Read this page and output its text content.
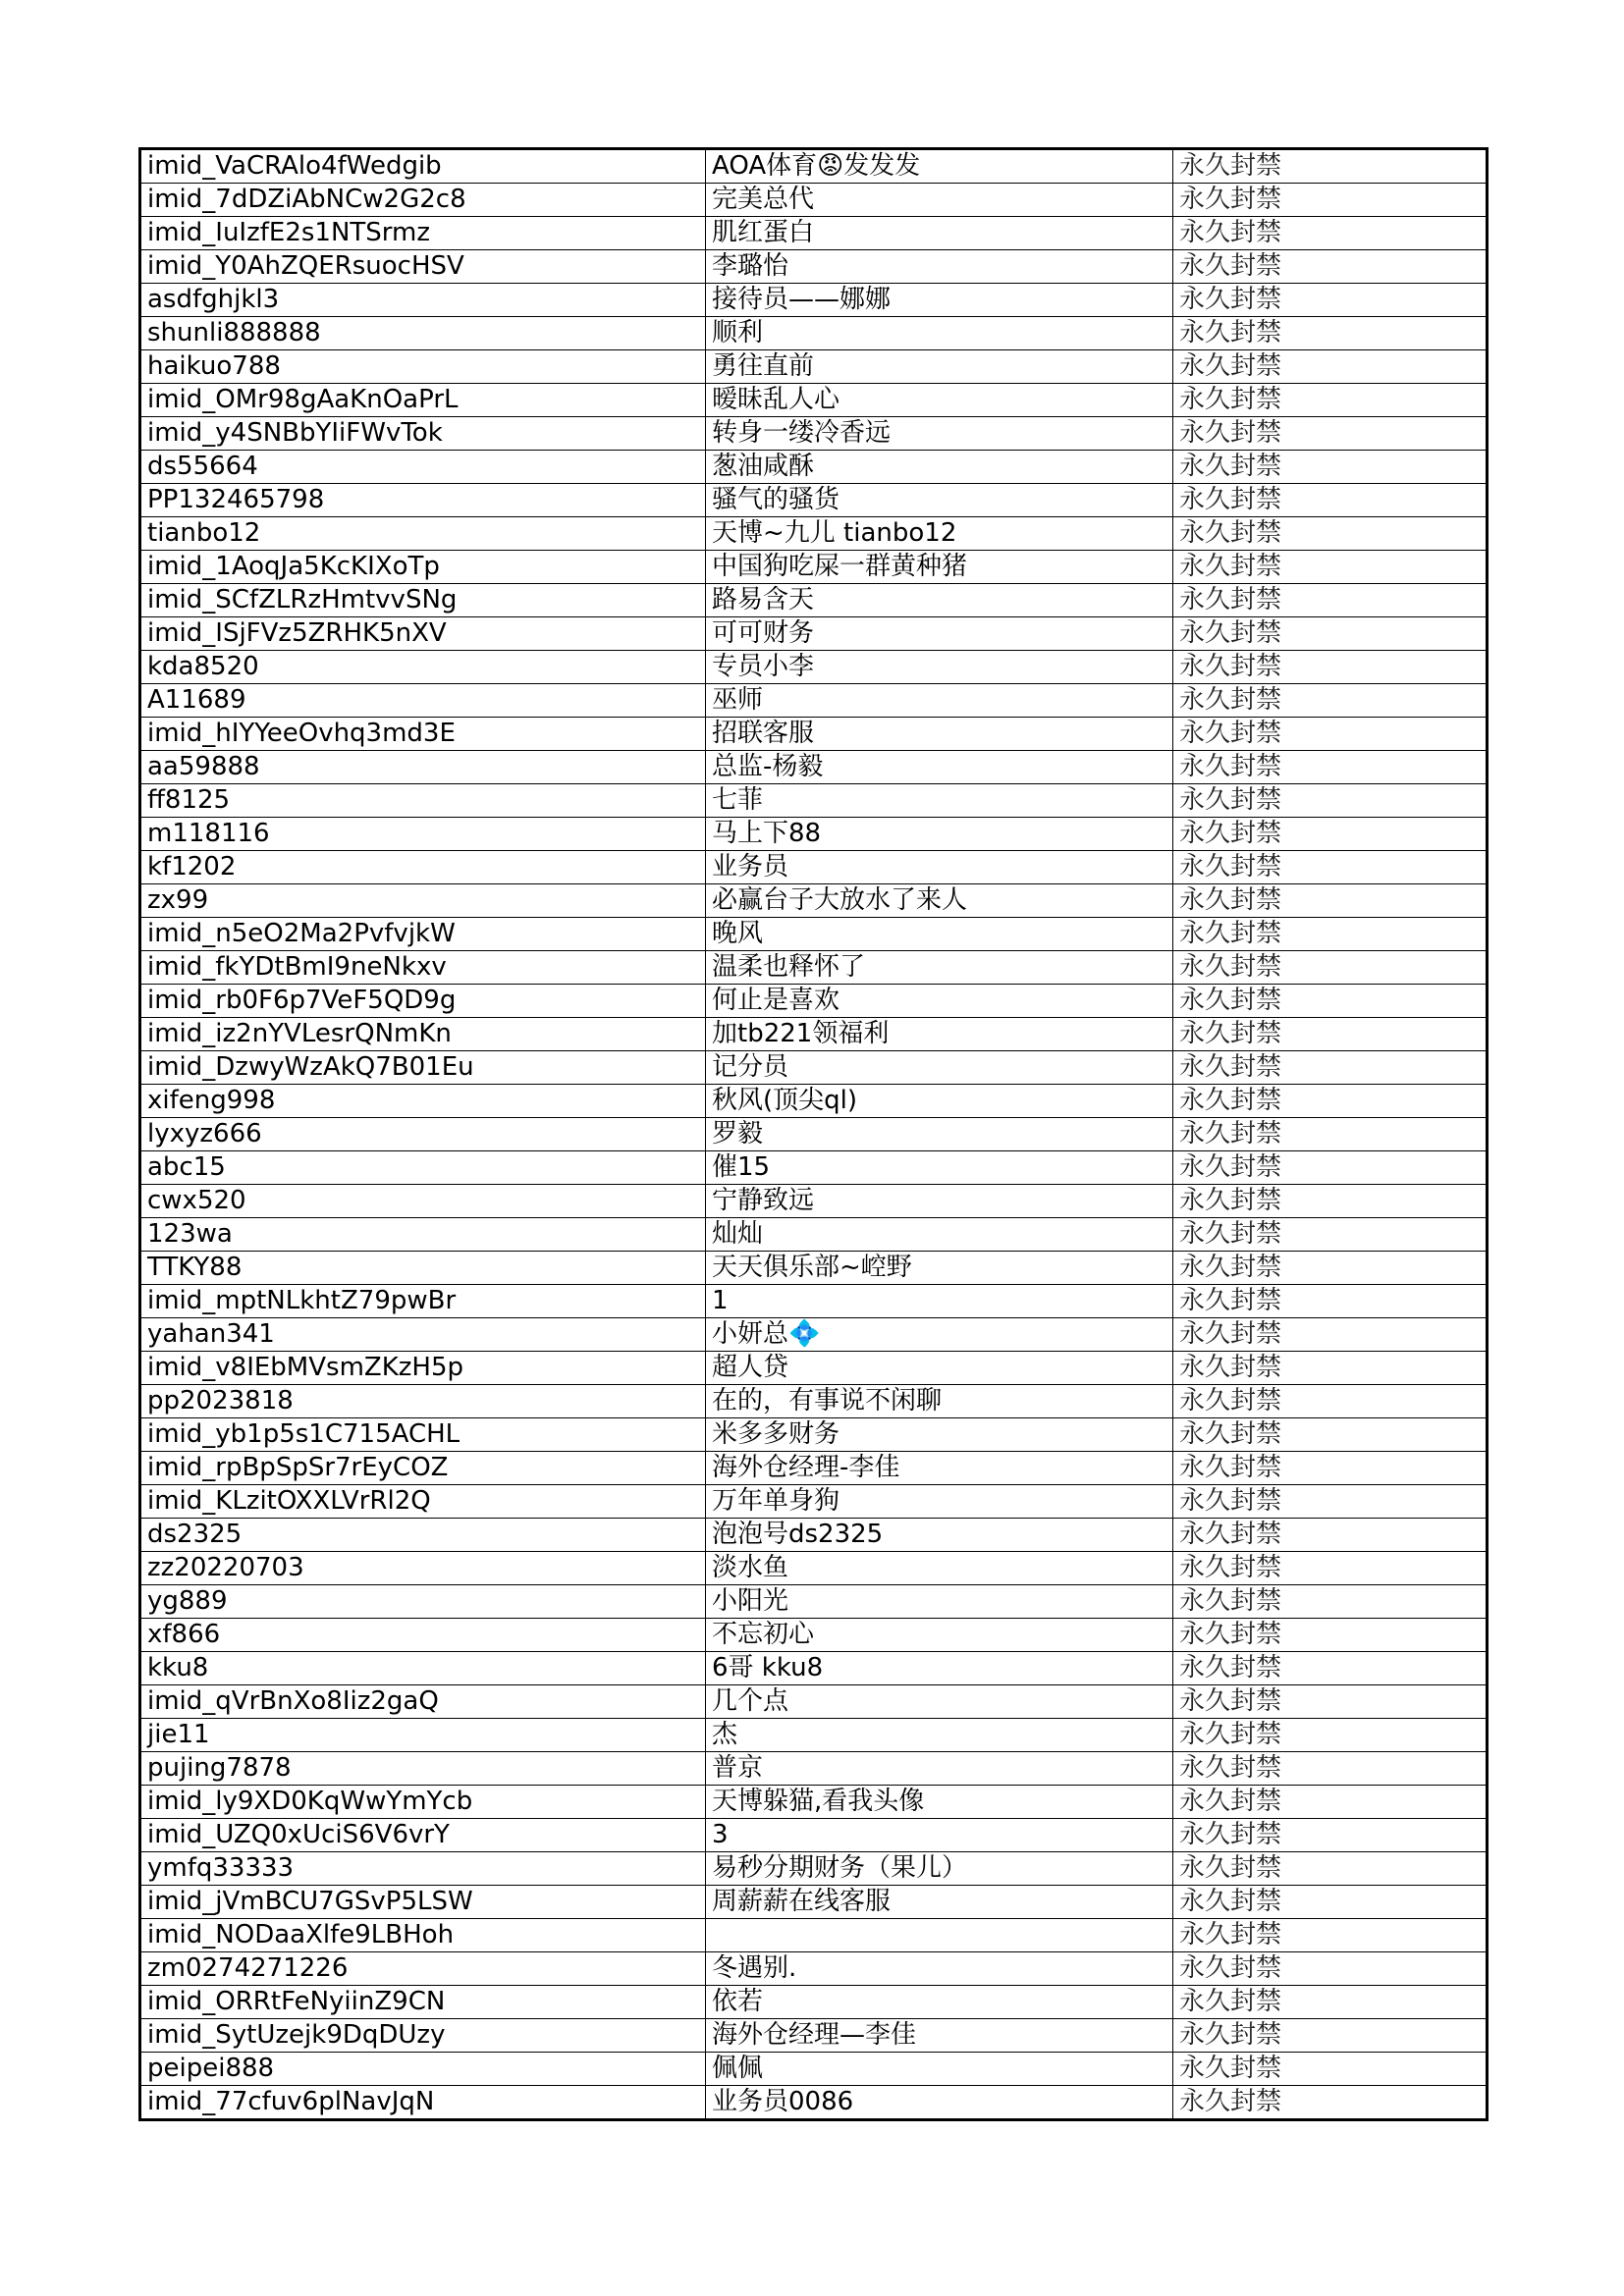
imid_VaCRAlo4fWedgib	AOA体育😡发发发	永久封禁
imid_7dDZiAbNCw2G2c8	完美总代	永久封禁
imid_IuIzfE2s1NTSrmz	肌红蛋白	永久封禁
imid_Y0AhZQERsuocHSV	李璐怡	永久封禁
asdfghjkl3	接待员——娜娜	永久封禁
shunli888888	顺利	永久封禁
haikuo788	勇往直前	永久封禁
imid_OMr98gAaKnOaPrL	暧昧乱人心	永久封禁
imid_y4SNBbYIiFWvTok	转身一缕冷香远	永久封禁
ds55664	葱油咸酥	永久封禁
PP132465798	骚气的骚货	永久封禁
tianbo12	天博~九儿 tianbo12	永久封禁
imid_1AoqJa5KcKIXoTp	中国狗吃屎一群黄种猪	永久封禁
imid_SCfZLRzHmtvvSNg	路易含天	永久封禁
imid_ISjFVz5ZRHK5nXV	可可财务	永久封禁
kda8520	专员小李	永久封禁
A11689	巫师	永久封禁
imid_hIYYeeOvhq3md3E	招联客服	永久封禁
aa59888	总监-杨毅	永久封禁
ff8125	七菲	永久封禁
m118116	马上下88	永久封禁
kf1202	业务员	永久封禁
zx99	必赢台子大放水了来人	永久封禁
imid_n5eO2Ma2PvfvjkW	晚风	永久封禁
imid_fkYDtBmI9neNkxv	温柔也释怀了	永久封禁
imid_rb0F6p7VeF5QD9g	何止是喜欢	永久封禁
imid_iz2nYVLesrQNmKn	加tb221领福利	永久封禁
imid_DzwyWzAkQ7B01Eu	记分员	永久封禁
xifeng998	秋风(顶尖ql)	永久封禁
lyxyz666	罗毅	永久封禁
abc15	催15	永久封禁
cwx520	宁静致远	永久封禁
123wa	灿灿	永久封禁
TTKY88	天天俱乐部~崆野	永久封禁
imid_mptNLkhtZ79pwBr	1	永久封禁
yahan341	小妍总💠	永久封禁
imid_v8IEbMVsmZKzH5p	超人贷	永久封禁
pp2023818	在的，有事说不闲聊	永久封禁
imid_yb1p5s1C715ACHL	米多多财务	永久封禁
imid_rpBpSpSr7rEyCOZ	海外仓经理-李佳	永久封禁
imid_KLzitOXXLVrRl2Q	万年单身狗	永久封禁
ds2325	泡泡号ds2325	永久封禁
zz20220703	淡水鱼	永久封禁
yg889	小阳光	永久封禁
xf866	不忘初心	永久封禁
kku8	6哥 kku8	永久封禁
imid_qVrBnXo8Iiz2gaQ	几个点	永久封禁
jie11	杰	永久封禁
pujing7878	普京	永久封禁
imid_ly9XD0KqWwYmYcb	天博躲猫,看我头像	永久封禁
imid_UZQ0xUciS6V6vrY	3	永久封禁
ymfq33333	易秒分期财务（果儿）	永久封禁
imid_jVmBCU7GSvP5LSW	周薪薪在线客服	永久封禁
imid_NODaaXlfe9LBHoh		永久封禁
zm0274271226	冬遇别.	永久封禁
imid_ORRtFeNyiinZ9CN	依若	永久封禁
imid_SytUzejk9DqDUzy	海外仓经理—李佳	永久封禁
peipei888	佩佩	永久封禁
imid_77cfuv6plNavJqN	业务员0086	永久封禁
